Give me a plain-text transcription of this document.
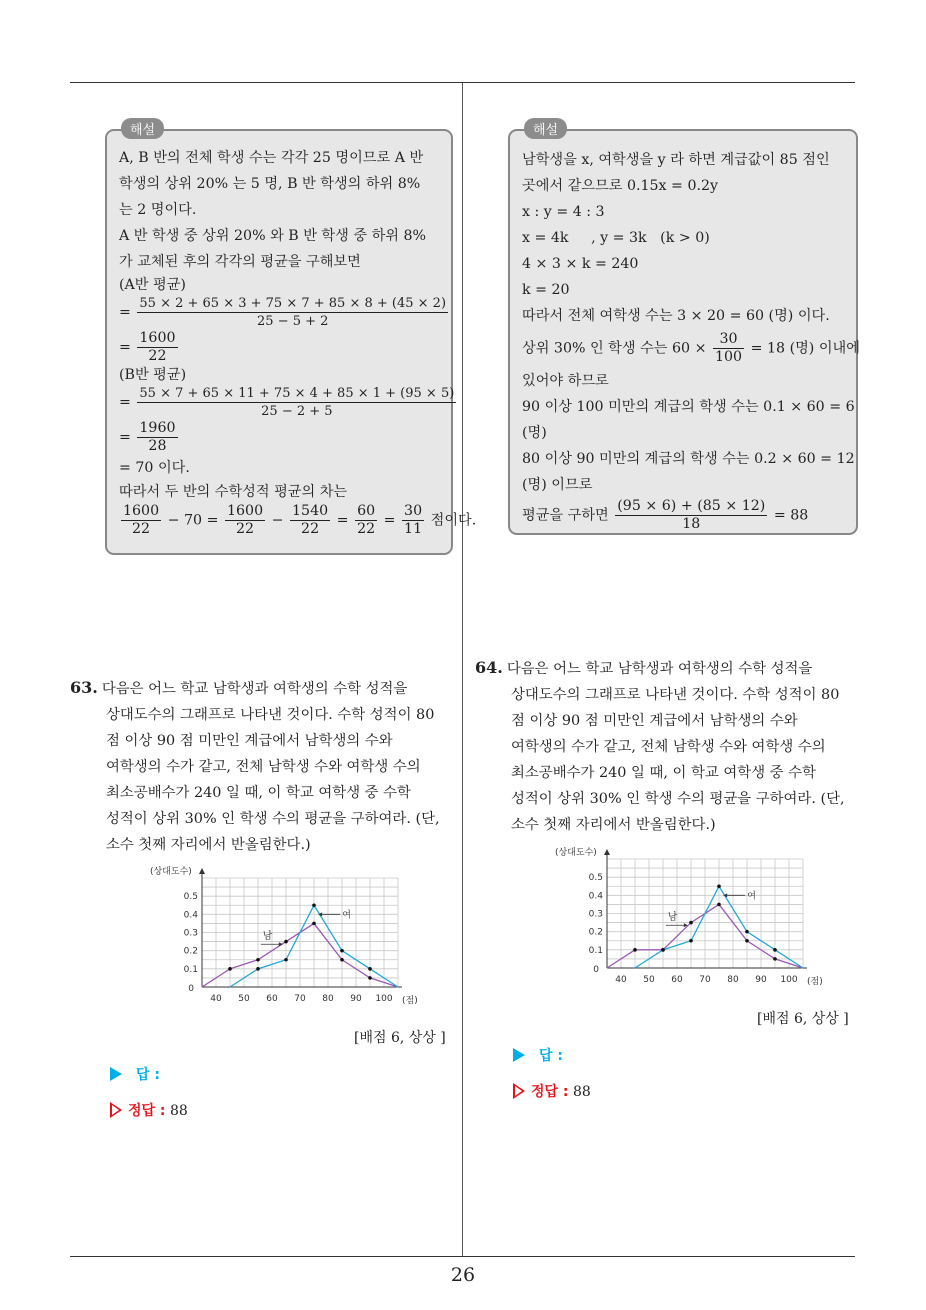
해설
A, B 반의 전체 학생 수는 각각 25 명이므로 A 반
학생의 상위 20% 는 5 명, B 반 학생의 하위 8%
는 2 명이다.
A 반 학생 중 상위 20% 와 B 반 학생 중 하위 8%
가 교체된 후의 각각의 평균을 구해보면
(A반 평균)
= $\frac{55 \times 2 + 65 \times 3 + 75 \times 7 + 85 \times 8 + (45 \times 2)}{25 - 5 + 2}$
= $\frac{1600}{22}$
(B반 평균)
= $\frac{55 \times 7 + 65 \times 11 + 75 \times 4 + 85 \times 1 + (95 \times 5)}{25 - 2 + 5}$
= $\frac{1960}{28}$
= 70 이다.
따라서 두 반의 수학성적 평균의 차는
$\frac{1600}{22} - 70 = \frac{1600}{22} - \frac{1540}{22} = \frac{60}{22} = \frac{30}{11}$ 점이다.
해설
남학생을 x, 여학생을 y 라 하면 계급값이 85 점인
곳에서 같으므로 0.15x = 0.2y
x : y = 4 : 3
x = 4k     , y = 3k   (k > 0)
4 × 3 × k = 240
k = 20
따라서 전체 여학생 수는 3 × 20 = 60 (명) 이다.
상위 30% 인 학생 수는 $60 \times \frac{30}{100} = 18$ (명) 이내에
있어야 하므로
90 이상 100 미만의 계급의 학생 수는 0.1 × 60 = 6
(명)
80 이상 90 미만의 계급의 학생 수는 0.2 × 60 = 12
(명) 이므로
평균을 구하면 $\frac{(95 \times 6) + (85 \times 12)}{18} = 88$
63. 다음은 어느 학교 남학생과 여학생의 수학 성적을
상대도수의 그래프로 나타낸 것이다. 수학 성적이 80
점 이상 90 점 미만인 계급에서 남학생의 수와
여학생의 수가 같고, 전체 남학생 수와 여학생 수의
최소공배수가 240 일 때, 이 학교 여학생 중 수학
성적이 상위 30% 인 학생 수의 평균을 구하여라. (단,
소수 첫째 자리에서 반올림한다.)
0.1
0.2
0.3
0.4
0.5
40 50 60 70 80 90 100
0
(점)
(상대도수)
남
여
[배점 6, 상상 ]
답 :
정답 : 88
64. 다음은 어느 학교 남학생과 여학생의 수학 성적을
상대도수의 그래프로 나타낸 것이다. 수학 성적이 80
점 이상 90 점 미만인 계급에서 남학생의 수와
여학생의 수가 같고, 전체 남학생 수와 여학생 수의
최소공배수가 240 일 때, 이 학교 여학생 중 수학
성적이 상위 30% 인 학생 수의 평균을 구하여라. (단,
소수 첫째 자리에서 반올림한다.)
0.1
0.2
0.3
0.4
0.5
40 50 60 70 80 90 100
0
(점)
(상대도수)
남
여
[배점 6, 상상 ]
답 :
정답 : 88
26
